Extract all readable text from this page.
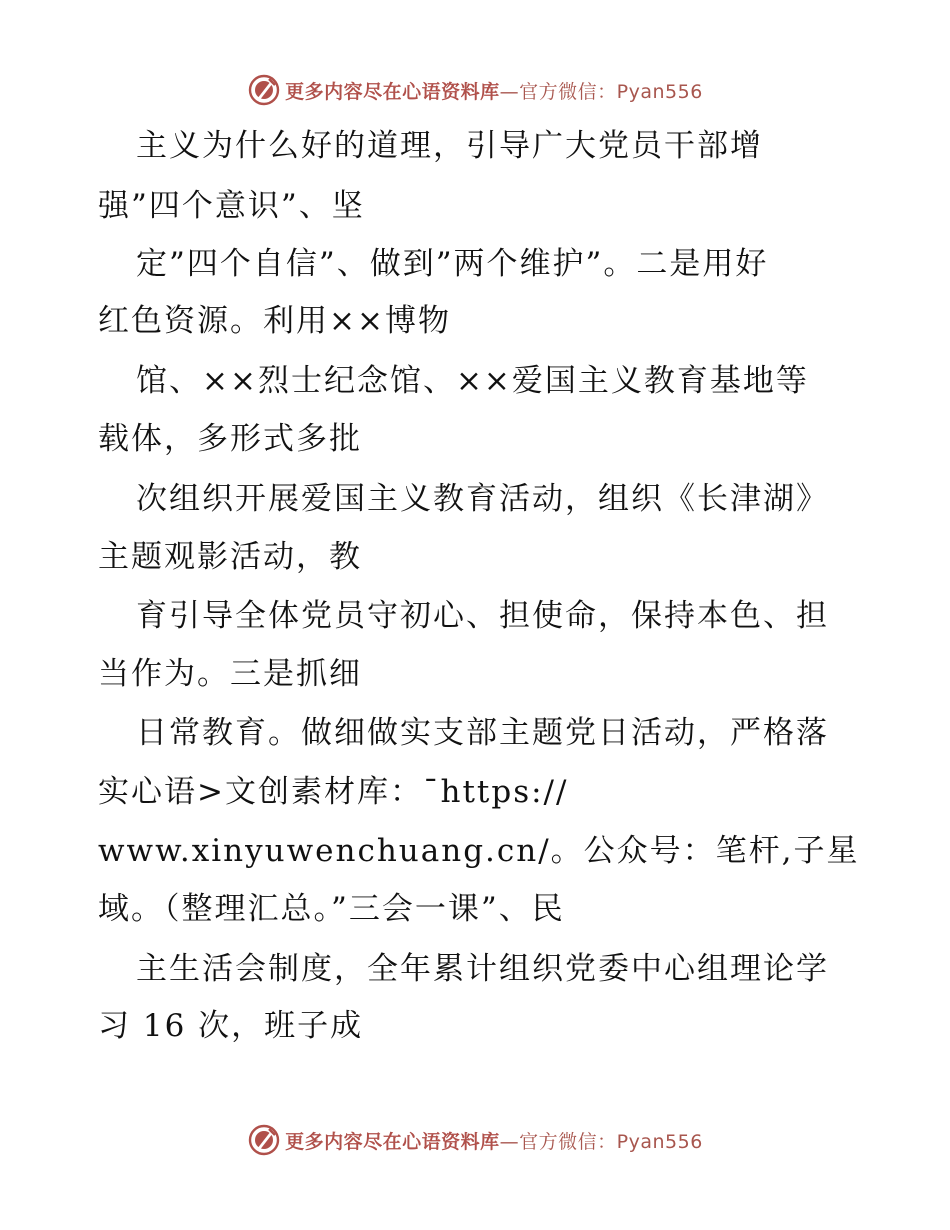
更多内容尽在心语资料库—官方微信：Pyan556
主义为什么好的道理，引导广大党员干部增
强”四个意识”、坚
定”四个自信”、做到”两个维护”。二是用好
红色资源。利用××博物
馆、××烈士纪念馆、××爱国主义教育基地等
载体，多形式多批
次组织开展爱国主义教育活动，组织《长津湖》
主题观影活动，教
育引导全体党员守初心、担使命，保持本色、担
当作为。三是抓细
日常教育。做细做实支部主题党日活动，严格落
实心语>文创素材库：¯https://
www.xinyuwenchuang.cn/。公众号：笔杆,子星
域。（整理汇总。”三会一课”、民
主生活会制度，全年累计组织党委中心组理论学
习 16 次，班子成
更多内容尽在心语资料库—官方微信：Pyan556
